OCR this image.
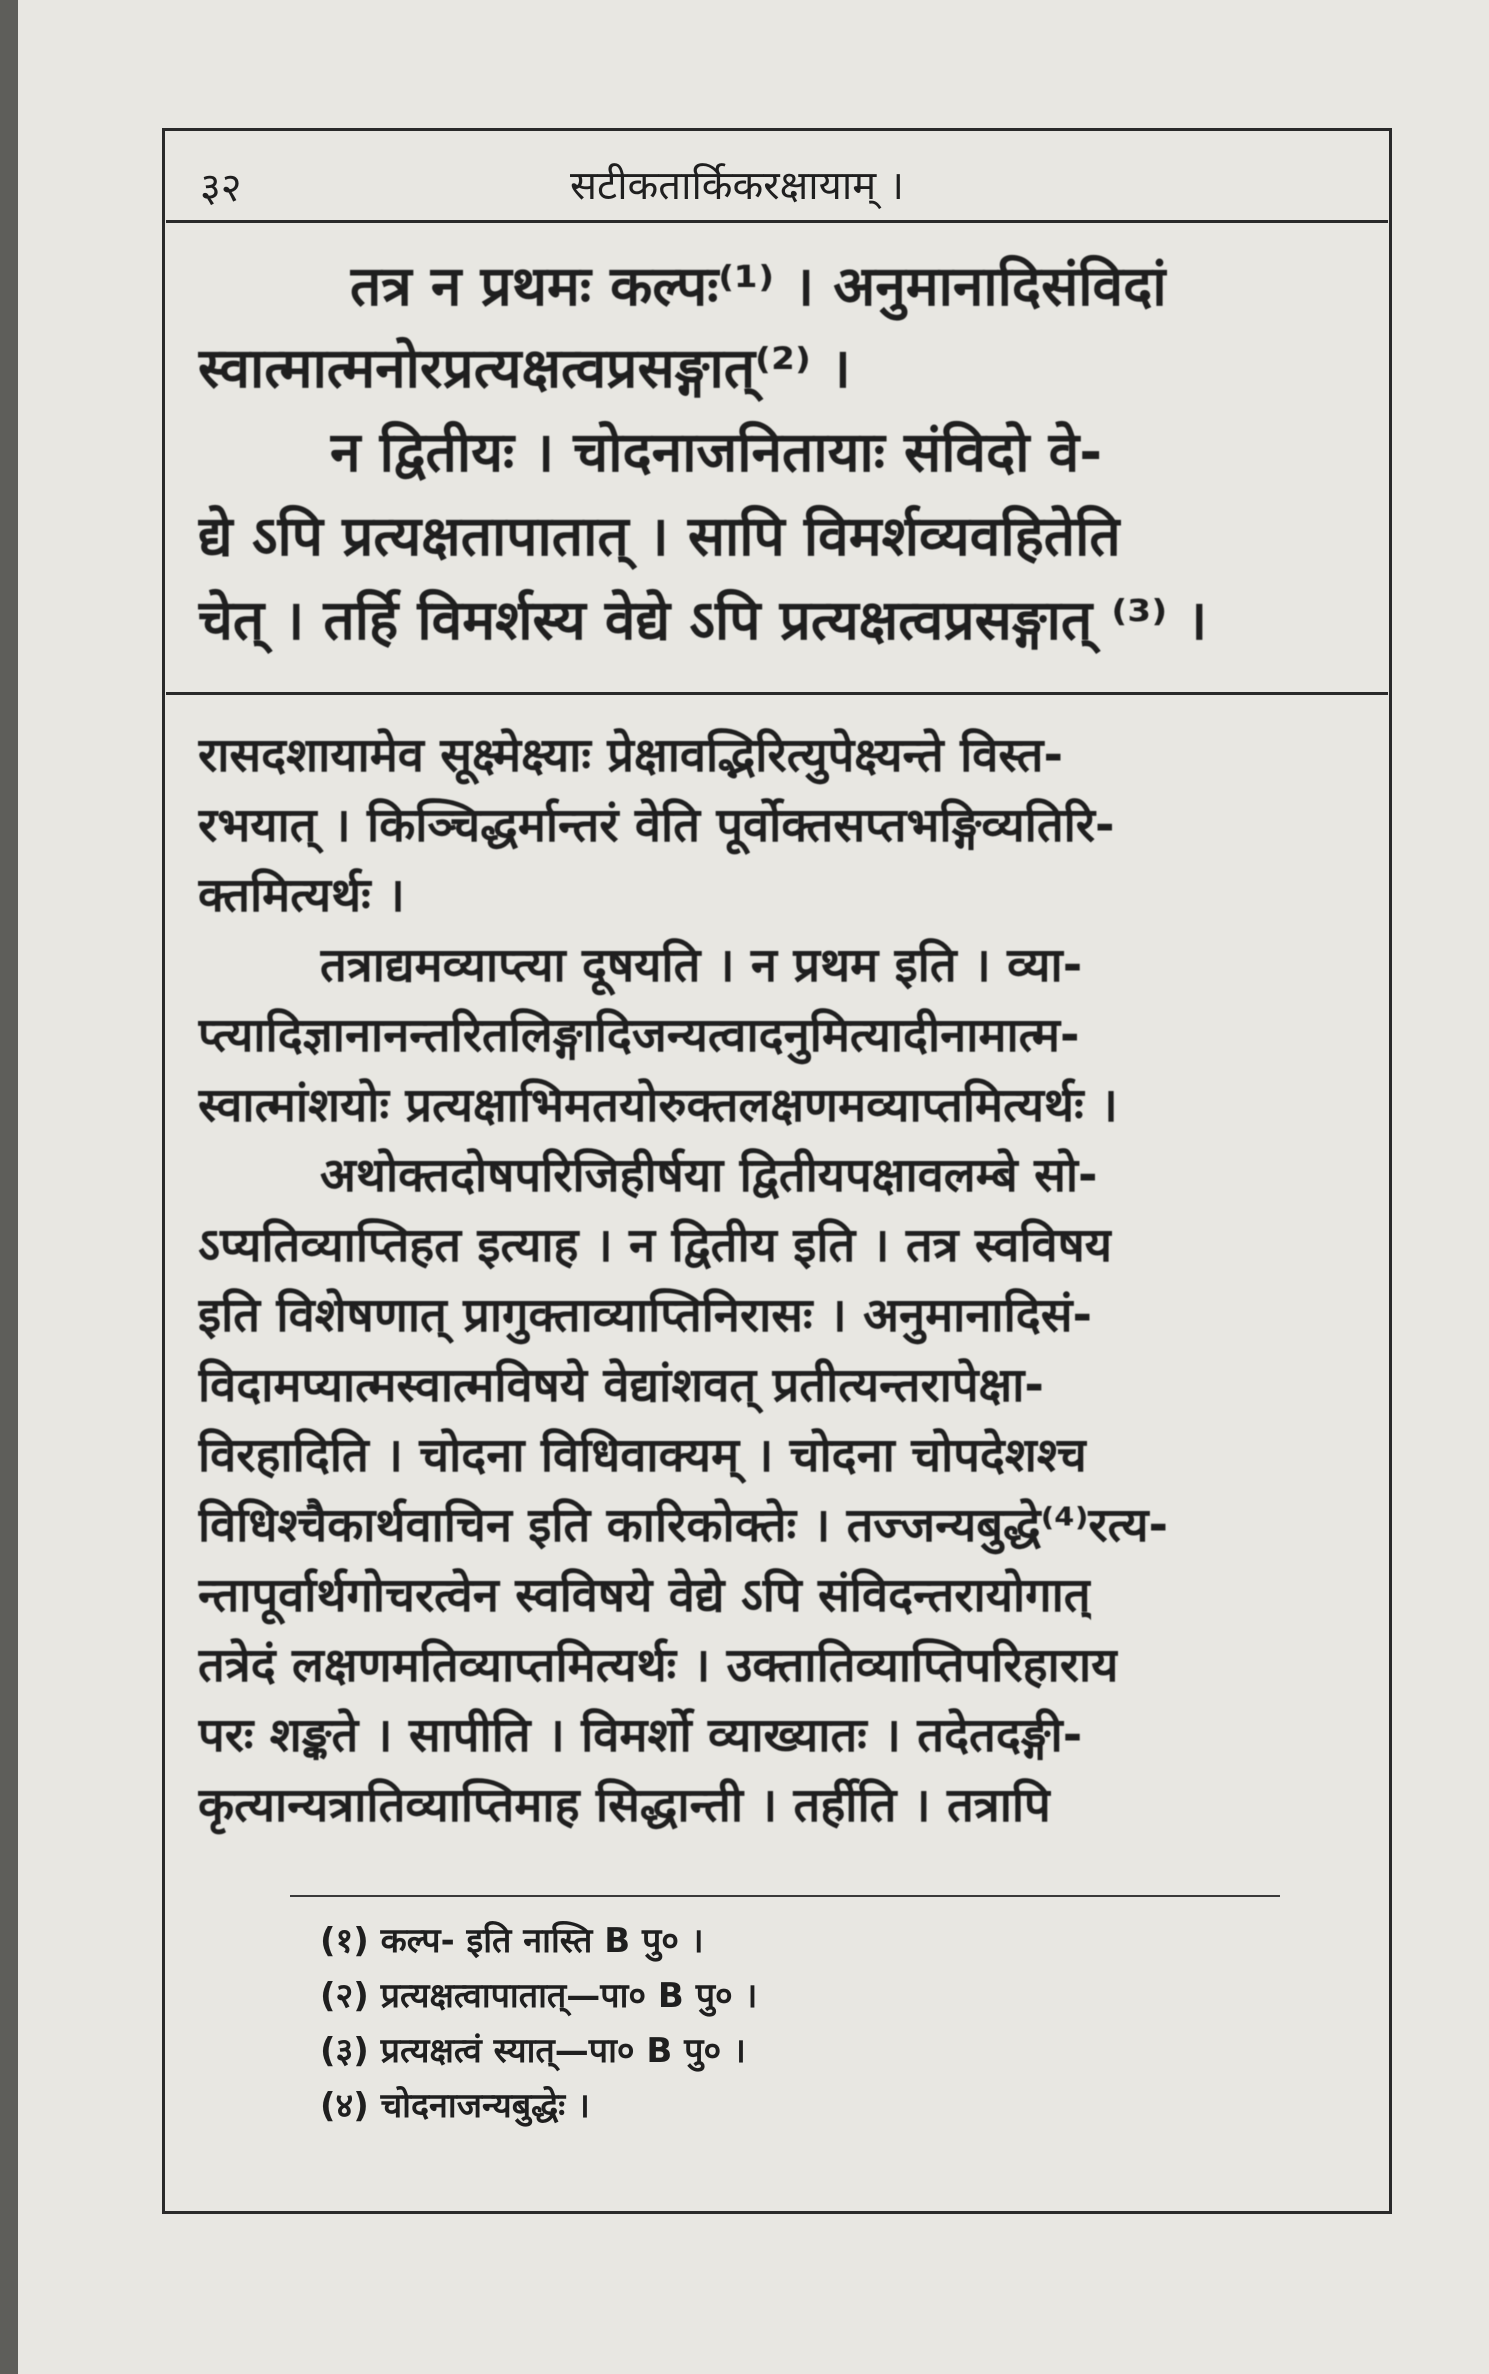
३२	सटीकतार्किकरक्षायाम् ।
तत्र न प्रथमः कल्पः⁽¹⁾ । अनुमानादिसंविदां
स्वात्मात्मनोरप्रत्यक्षत्वप्रसङ्गात्⁽²⁾ ।
न द्वितीयः । चोदनाजनितायाः संविदो वे-
द्ये ऽपि प्रत्यक्षतापातात् । सापि विमर्शव्यवहितेति
चेत् । तर्हि विमर्शस्य वेद्ये ऽपि प्रत्यक्षत्वप्रसङ्गात् ⁽³⁾ ।
रासदशायामेव सूक्ष्मेक्ष्याः प्रेक्षावद्भिरित्युपेक्ष्यन्ते विस्त-
रभयात् । किञ्चिद्धर्मान्तरं वेति पूर्वोक्तसप्तभङ्गिव्यतिरि-
क्तमित्यर्थः ।
तत्राद्यमव्याप्त्या दूषयति । न प्रथम इति । व्या-
प्त्यादिज्ञानानन्तरितलिङ्गादिजन्यत्वादनुमित्यादीनामात्म-
स्वात्मांशयोः प्रत्यक्षाभिमतयोरुक्तलक्षणमव्याप्तमित्यर्थः ।
अथोक्तदोषपरिजिहीर्षया द्वितीयपक्षावलम्बे सो-
ऽप्यतिव्याप्तिहत इत्याह । न द्वितीय इति । तत्र स्वविषय
इति विशेषणात् प्रागुक्ताव्याप्तिनिरासः । अनुमानादिसं-
विदामप्यात्मस्वात्मविषये वेद्यांशवत् प्रतीत्यन्तरापेक्षा-
विरहादिति । चोदना विधिवाक्यम् । चोदना चोपदेशश्च
विधिश्चैकार्थवाचिन इति कारिकोक्तेः । तज्जन्यबुद्धे⁽⁴⁾रत्य-
न्तापूर्वार्थगोचरत्वेन स्वविषये वेद्ये ऽपि संविदन्तरायोगात्
तत्रेदं लक्षणमतिव्याप्तमित्यर्थः । उक्तातिव्याप्तिपरिहाराय
परः शङ्कते । सापीति । विमर्शो व्याख्यातः । तदेतदङ्गी-
कृत्यान्यत्रातिव्याप्तिमाह सिद्धान्ती । तर्हीति । तत्रापि
(१) कल्प- इति नास्ति B पु० ।
(२) प्रत्यक्षत्वापातात्—पा० B पु० ।
(३) प्रत्यक्षत्वं स्यात्—पा० B पु० ।
(४) चोदनाजन्यबुद्धेः ।
